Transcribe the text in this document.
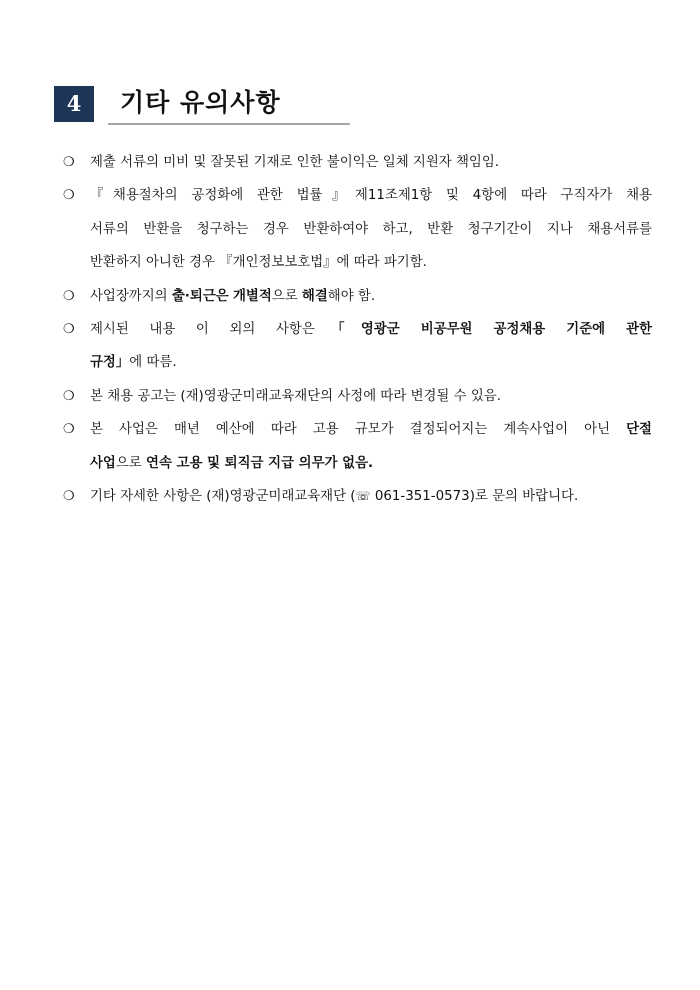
4	기타 유의사항
❍ 제출 서류의 미비 및 잘못된 기재로 인한 불이익은 일체 지원자 책임임.
❍ 『채용절차의 공정화에 관한 법률』제11조제1항 및 4항에 따라 구직자가 채용
서류의 반환을 청구하는 경우 반환하여야 하고, 반환 청구기간이 지나 채용서류를
반환하지 아니한 경우 『개인정보보호법』에 따라 파기함.
❍ 사업장까지의 출·퇴근은 개별적으로 해결해야 함.
❍ 제시된 내용 이 외의 사항은「영광군 비공무원 공정채용 기준에 관한
규정」에 따름.
❍ 본 채용 공고는 (재)영광군미래교육재단의 사정에 따라 변경될 수 있음.
❍ 본 사업은 매년 예산에 따라 고용 규모가 결정되어지는 계속사업이 아닌 단절
사업으로 연속 고용 및 퇴직금 지급 의무가 없음.
❍ 기타 자세한 사항은 (재)영광군미래교육재단 (☏ 061-351-0573)로 문의 바랍니다.
